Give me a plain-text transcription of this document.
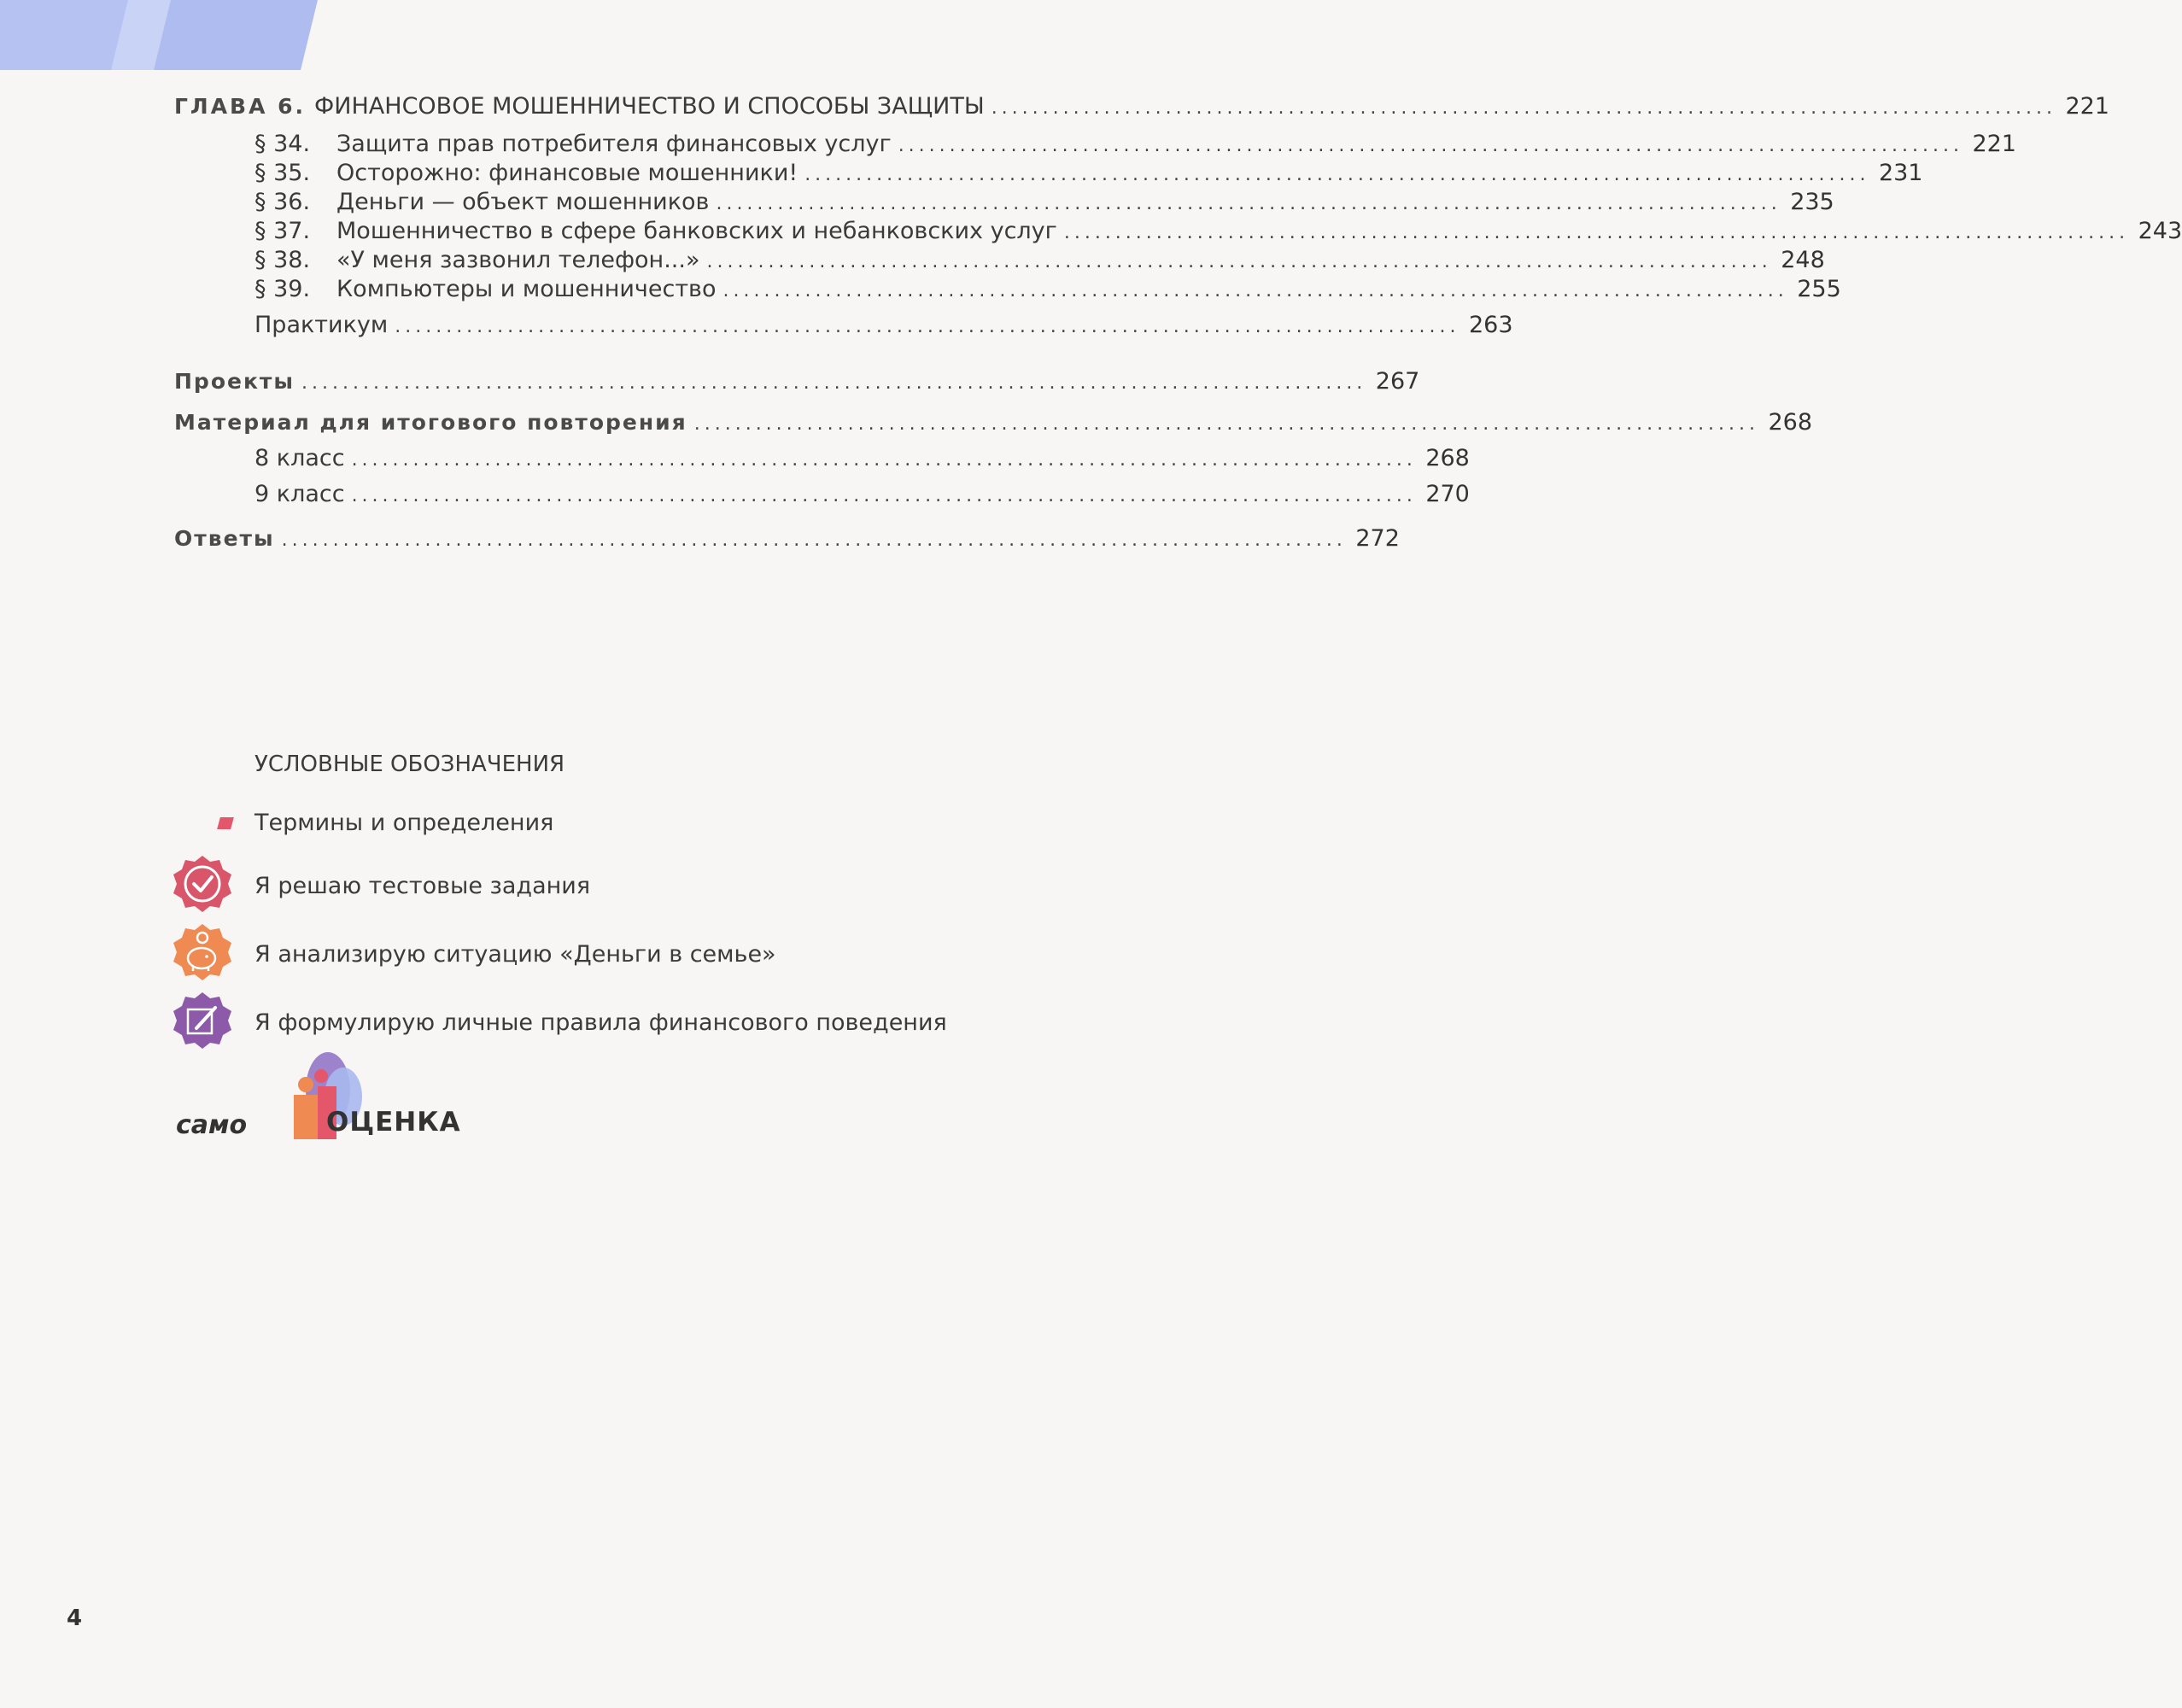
ГЛАВА 6. ФИНАНСОВОЕ МОШЕННИЧЕСТВО И СПОСОБЫ ЗАЩИТЫ ........................................................................................................ 221
§ 34.	Защита прав потребителя финансовых услуг ........................................................................................................ 221
§ 35.	Осторожно: финансовые мошенники! ........................................................................................................ 231
§ 36.	Деньги — объект мошенников ........................................................................................................ 235
§ 37.	Мошенничество в сфере банковских и небанковских услуг ........................................................................................................ 243
§ 38.	«У меня зазвонил телефон...» ........................................................................................................ 248
§ 39.	Компьютеры и мошенничество ........................................................................................................ 255
Практикум ........................................................................................................ 263
Проекты ........................................................................................................ 267
Материал для итогового повторения ........................................................................................................ 268
8 класс ........................................................................................................ 268
9 класс ........................................................................................................ 270
Ответы ........................................................................................................ 272
УСЛОВНЫЕ ОБОЗНАЧЕНИЯ
Термины и определения
Я решаю тестовые задания
Я анализирую ситуацию «Деньги в семье»
Я формулирую личные правила финансового поведения
само	ОЦЕНКА
4
